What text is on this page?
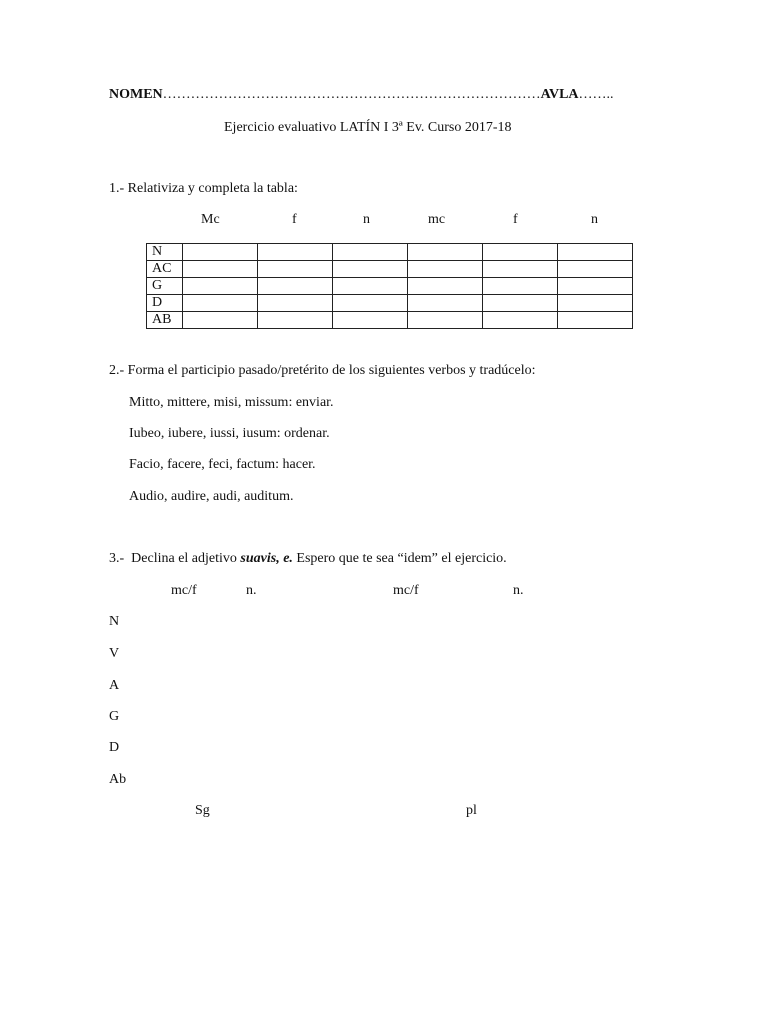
NOMEN………………………………………………………………………AVLA……..
Ejercicio evaluativo LATÍN I 3ª Ev. Curso 2017-18
1.- Relativiza y completa la tabla:
Mc	f	n	mc	f	n
N						
AC						
G						
D						
AB						
2.- Forma el participio pasado/pretérito de los siguientes verbos y tradúcelo:
Mitto, mittere, misi, missum: enviar.
Iubeo, iubere, iussi, iusum: ordenar.
Facio, facere, feci, factum: hacer.
Audio, audire, audi, auditum.
3.-  Declina el adjetivo suavis, e. Espero que te sea “idem” el ejercicio.
mc/f	n.	mc/f	n.
N
V
A
G
D
Ab
Sg	pl
